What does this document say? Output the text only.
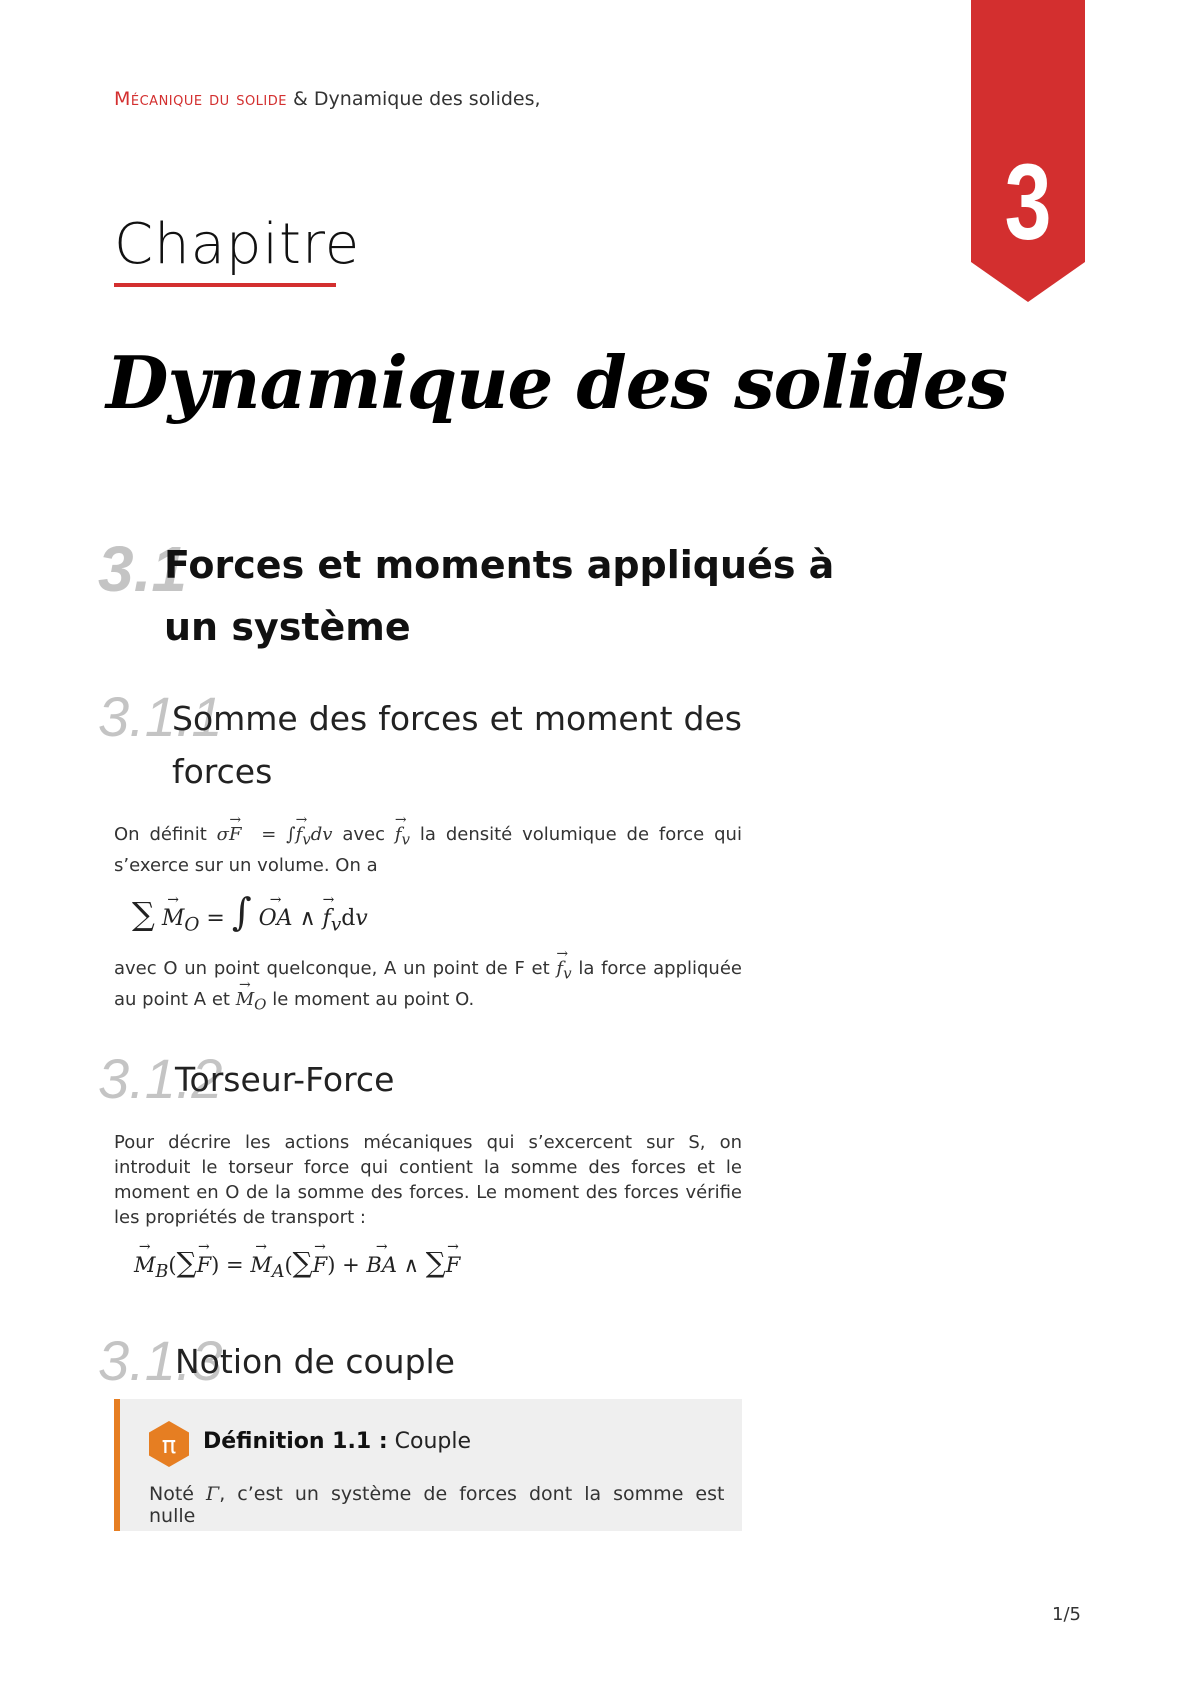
Mécanique du solide & Dynamique des solides,
3
Chapitre
Dynamique des solides
3.1
Forces et moments appliqués à
un système
3.1.1
Somme des forces et moment des
forces
On définit σ→ F  = ∫→ $f_vdv$ avec → $f_v$ la densité volumique de force qui s’exerce sur un volume. On a
∑ → $M_O$ = ∫ → OA ∧ → $f_vdv$
avec O un point quelconque, A un point de F et → $f_v$ la force appliquée au point A et → $M_O$ le moment au point O.
3.1.2
Torseur-Force
Pour décrire les actions mécaniques qui s’excercent sur S, on introduit le torseur force qui contient la somme des forces et le moment en O de la somme des forces. Le moment des forces vérifie les propriétés de transport :
→ $M_B(\sum\to F)$ = → $M_A(\sum\to F)$ + → BA ∧ ∑→ F
3.1.3
Notion de couple
π Définition 1.1 : Couple
Noté Γ, c’est un système de forces dont la somme est nulle
1/5
